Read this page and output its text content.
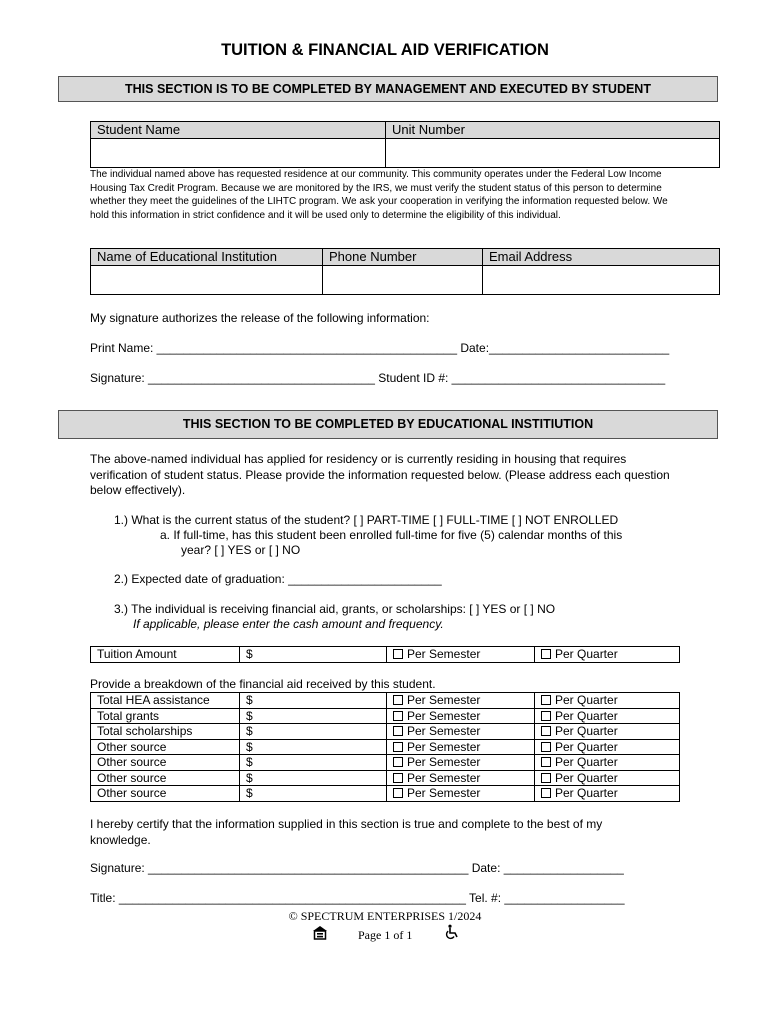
TUITION & FINANCIAL AID VERIFICATION
THIS SECTION IS TO BE COMPLETED BY MANAGEMENT AND EXECUTED BY STUDENT
Student Name	Unit Number

The individual named above has requested residence at our community. This community operates under the Federal Low Income Housing Tax Credit Program. Because we are monitored by the IRS, we must verify the student status of this person to determine whether they meet the guidelines of the LIHTC program. We ask your cooperation in verifying the information requested below. We hold this information in strict confidence and it will be used only to determine the eligibility of this individual.
Name of Educational Institution	Phone Number	Email Address

My signature authorizes the release of the following information:
Print Name: _____________________________________________ Date:___________________________
Signature: __________________________________ Student ID #: ________________________________
THIS SECTION TO BE COMPLETED BY EDUCATIONAL INSTITIUTION
The above-named individual has applied for residency or is currently residing in housing that requires verification of student status. Please provide the information requested below. (Please address each question below effectively).
1.) What is the current status of the student? [ ] PART-TIME [ ] FULL-TIME [ ] NOT ENROLLED
a. If full-time, has this student been enrolled full-time for five (5) calendar months of this
year? [ ] YES or [ ] NO
2.) Expected date of graduation: _______________________
3.) The individual is receiving financial aid, grants, or scholarships: [ ] YES or [ ] NO
If applicable, please enter the cash amount and frequency.
Tuition Amount	$	Per Semester	Per Quarter
Provide a breakdown of the financial aid received by this student.
Total HEA assistance	$	Per Semester	Per Quarter
Total grants	$	Per Semester	Per Quarter
Total scholarships	$	Per Semester	Per Quarter
Other source	$	Per Semester	Per Quarter
Other source	$	Per Semester	Per Quarter
Other source	$	Per Semester	Per Quarter
Other source	$	Per Semester	Per Quarter
I hereby certify that the information supplied in this section is true and complete to the best of my knowledge.
Signature: ________________________________________________ Date: __________________
Title: ____________________________________________________ Tel. #: __________________
© SPECTRUM ENTERPRISES 1/2024
Page 1 of 1
